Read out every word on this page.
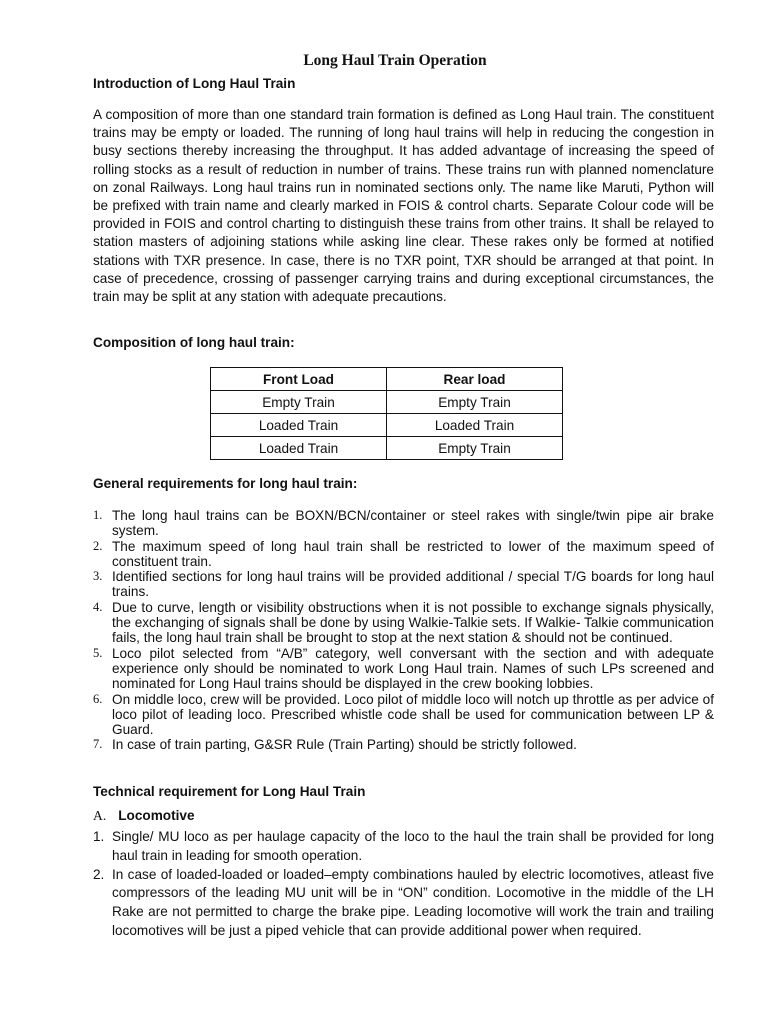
Long Haul Train Operation
Introduction of Long Haul Train

A composition of more than one standard train formation is defined as Long Haul train. The constituent trains may be empty or loaded. The running of long haul trains will help in reducing the congestion in busy sections thereby increasing the throughput. It has added advantage of increasing the speed of rolling stocks as a result of reduction in number of trains. These trains run with planned nomenclature on zonal Railways. Long haul trains run in nominated sections only. The name like Maruti, Python will be prefixed with train name and clearly marked in FOIS & control charts. Separate Colour code will be provided in FOIS and control charting to distinguish these trains from other trains. It shall be relayed to station masters of adjoining stations while asking line clear. These rakes only be formed at notified stations with TXR presence. In case, there is no TXR point, TXR should be arranged at that point. In case of precedence, crossing of passenger carrying trains and during exceptional circumstances, the train may be split at any station with adequate precautions.

Composition of long haul train:
Front Load	Rear load
Empty Train	Empty Train
Loaded Train	Loaded Train
Loaded Train	Empty Train
General requirements for long haul train:
1. The long haul trains can be BOXN/BCN/container or steel rakes with single/twin pipe air brake system.
2. The maximum speed of long haul train shall be restricted to lower of the maximum speed of constituent train.
3. Identified sections for long haul trains will be provided additional / special T/G boards for long haul trains.
4. Due to curve, length or visibility obstructions when it is not possible to exchange signals physically, the exchanging of signals shall be done by using Walkie-Talkie sets. If Walkie- Talkie communication fails, the long haul train shall be brought to stop at the next station & should not be continued.
5. Loco pilot selected from “A/B” category, well conversant with the section and with adequate experience only should be nominated to work Long Haul train. Names of such LPs screened and nominated for Long Haul trains should be displayed in the crew booking lobbies.
6. On middle loco, crew will be provided. Loco pilot of middle loco will notch up throttle as per advice of loco pilot of leading loco. Prescribed whistle code shall be used for communication between LP & Guard.
7. In case of train parting, G&SR Rule (Train Parting) should be strictly followed.
Technical requirement for Long Haul Train
A. Locomotive
1. Single/ MU loco as per haulage capacity of the loco to the haul the train shall be provided for long haul train in leading for smooth operation.
2. In case of loaded-loaded or loaded–empty combinations hauled by electric locomotives, atleast five compressors of the leading MU unit will be in “ON” condition. Locomotive in the middle of the LH Rake are not permitted to charge the brake pipe. Leading locomotive will work the train and trailing locomotives will be just a piped vehicle that can provide additional power when required.
